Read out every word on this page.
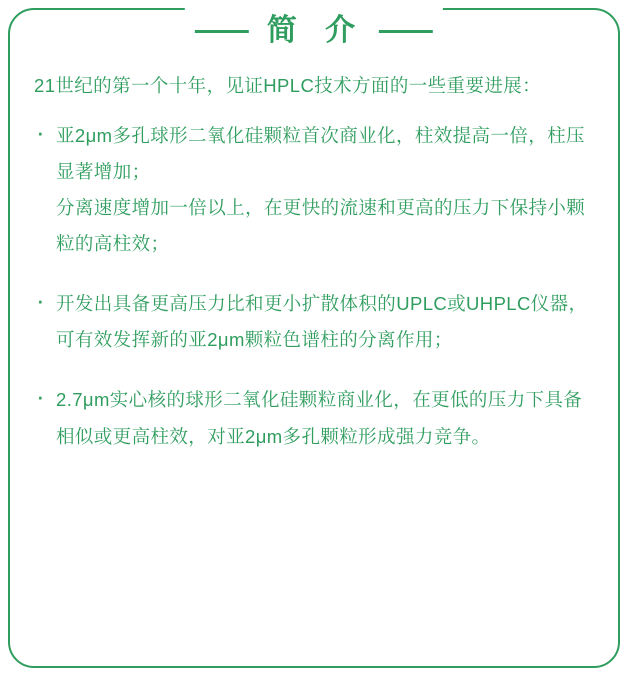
简 介

21世纪的第一个十年，见证HPLC技术方面的一些重要进展：

· 亚2μm多孔球形二氧化硅颗粒首次商业化，柱效提高一倍，柱压显著增加；
分离速度增加一倍以上，在更快的流速和更高的压力下保持小颗粒的高柱效；
· 开发出具备更高压力比和更小扩散体积的UPLC或UHPLC仪器，可有效发挥新的亚2μm颗粒色谱柱的分离作用；
· 2.7μm实心核的球形二氧化硅颗粒商业化，在更低的压力下具备相似或更高柱效，对亚2μm多孔颗粒形成强力竞争。
